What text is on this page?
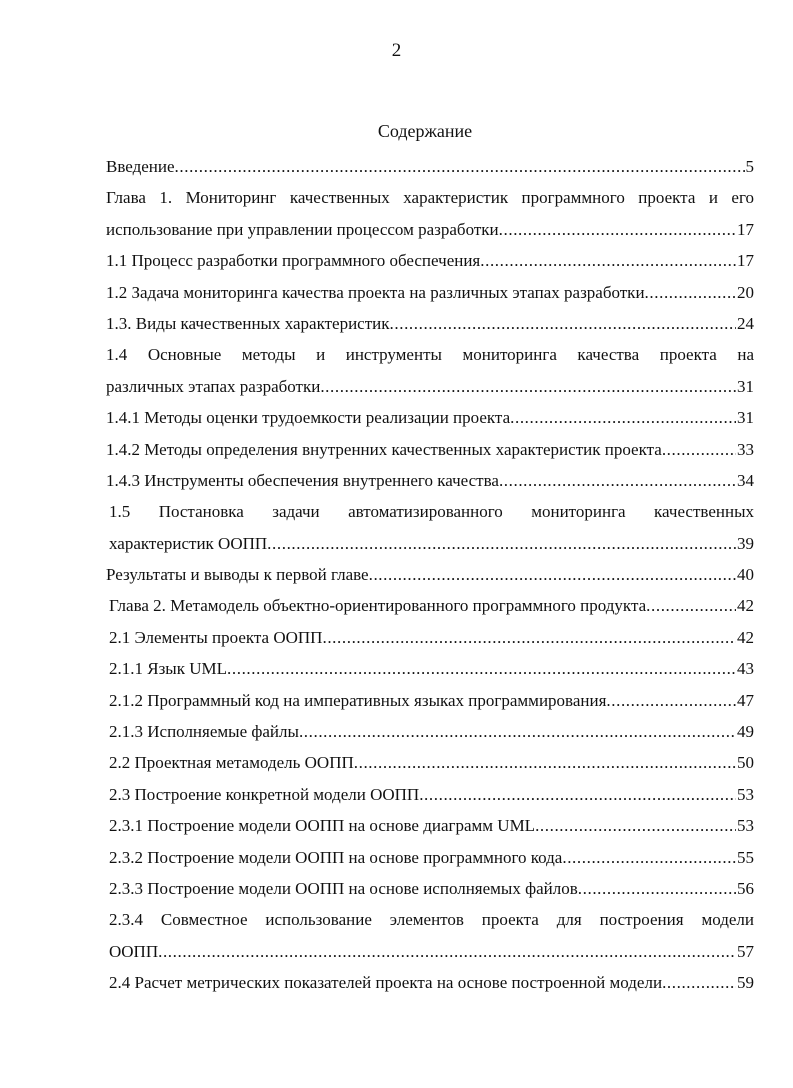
2
Содержание
Введение .....	5
Глава 1. Мониторинг качественных характеристик программного проекта и его
использование при управлении процессом разработки .....	17
1.1 Процесс разработки программного обеспечения .....	17
1.2 Задача мониторинга качества проекта на различных этапах разработки .....	20
1.3. Виды качественных характеристик .....	24
1.4 Основные методы и инструменты мониторинга качества проекта на
различных этапах разработки .....	31
1.4.1 Методы оценки трудоемкости реализации проекта .....	31
1.4.2 Методы определения внутренних качественных характеристик проекта .....	33
1.4.3 Инструменты обеспечения внутреннего качества .....	34
1.5 Постановка задачи автоматизированного мониторинга качественных
характеристик ООПП .....	39
Результаты и выводы к первой главе .....	40
Глава 2. Метамодель объектно-ориентированного программного продукта .....	42
2.1 Элементы проекта ООПП .....	42
2.1.1 Язык UML .....	43
2.1.2 Программный код на императивных языках программирования .....	47
2.1.3 Исполняемые файлы .....	49
2.2 Проектная метамодель ООПП .....	50
2.3 Построение конкретной модели ООПП .....	53
2.3.1 Построение модели ООПП на основе диаграмм UML .....	53
2.3.2 Построение модели ООПП на основе программного кода .....	55
2.3.3 Построение модели ООПП на основе исполняемых файлов .....	56
2.3.4 Совместное использование элементов проекта для построения модели
ООПП .....	57
2.4 Расчет метрических показателей проекта на основе построенной модели .....	59
